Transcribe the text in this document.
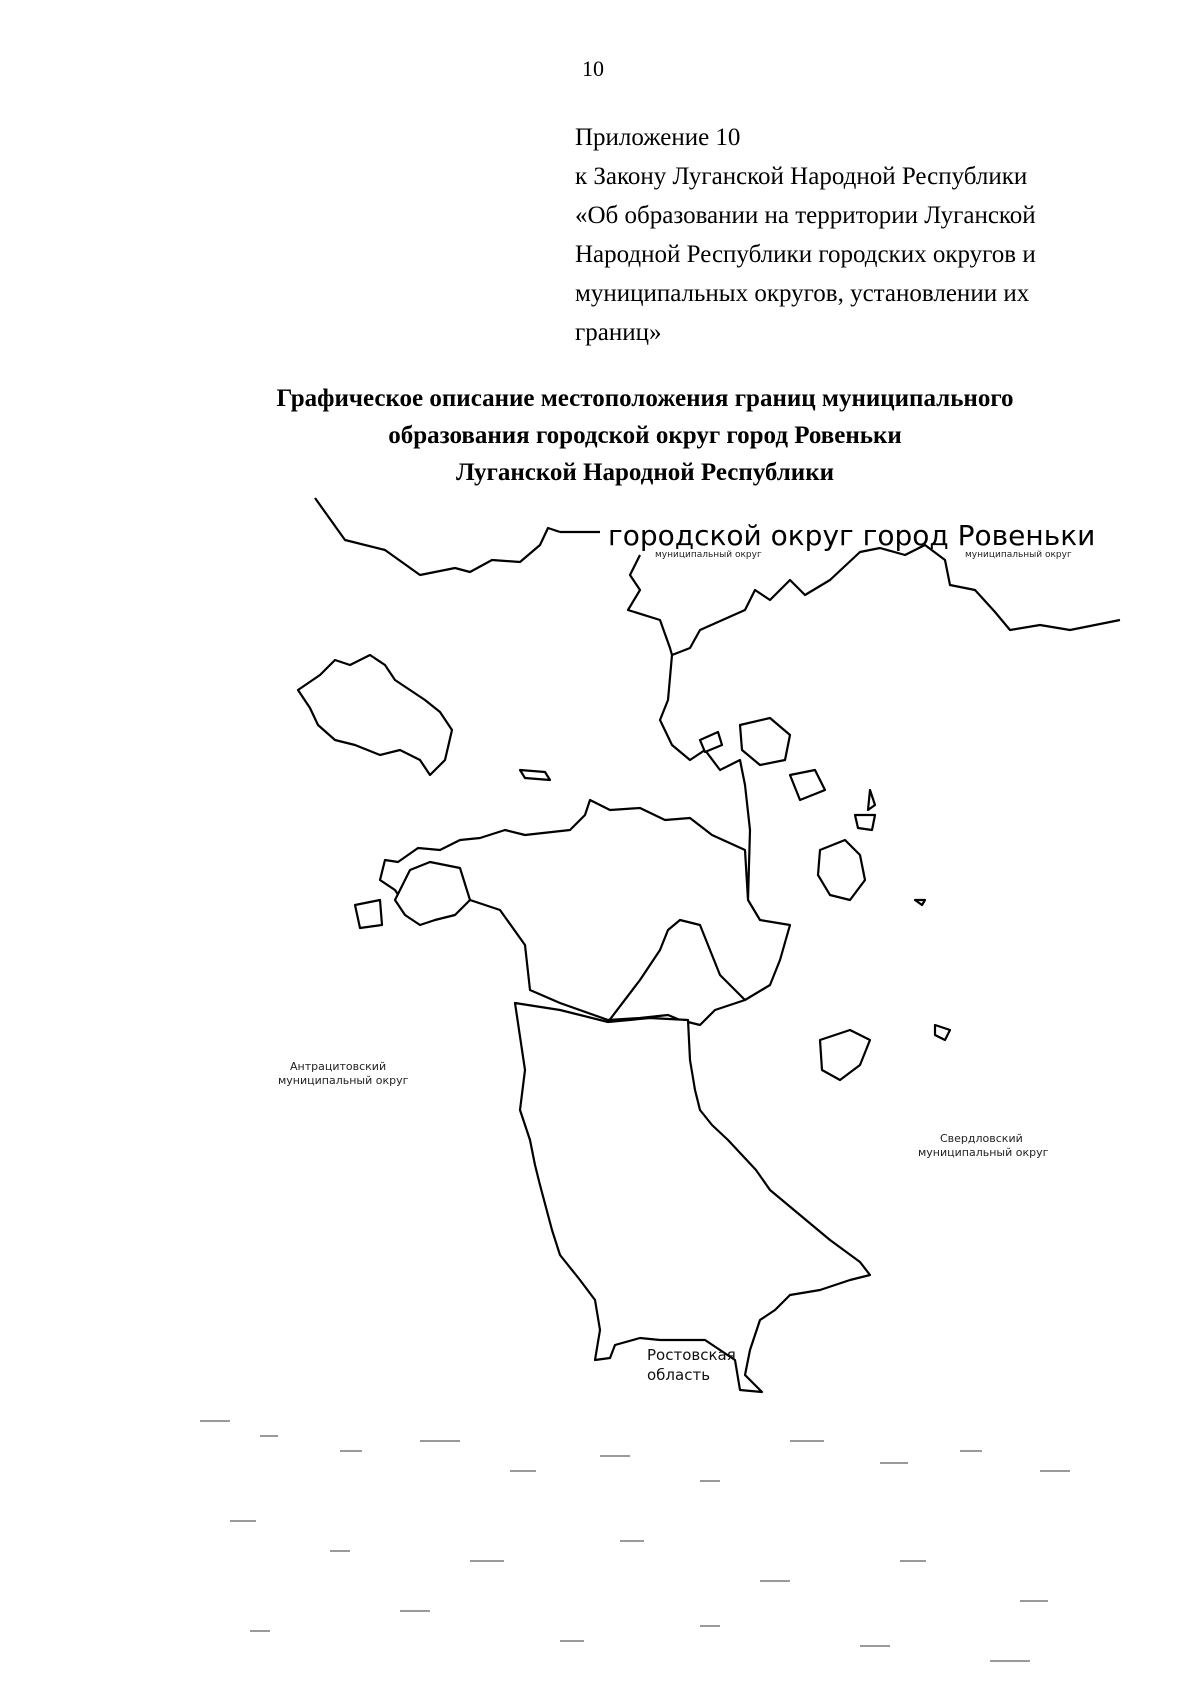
10
Приложение 10
к Закону Луганской Народной Республики
«Об образовании на территории Луганской
Народной Республики городских округов и
муниципальных округов, установлении их
границ»
Графическое описание местоположения границ муниципального
образования городской округ город Ровеньки
Луганской Народной Республики
городской округ город Ровеньки
муниципальный округ	муниципальный округ
Антрацитовский
муниципальный округ
Свердловский
муниципальный округ
Ростовская
область
